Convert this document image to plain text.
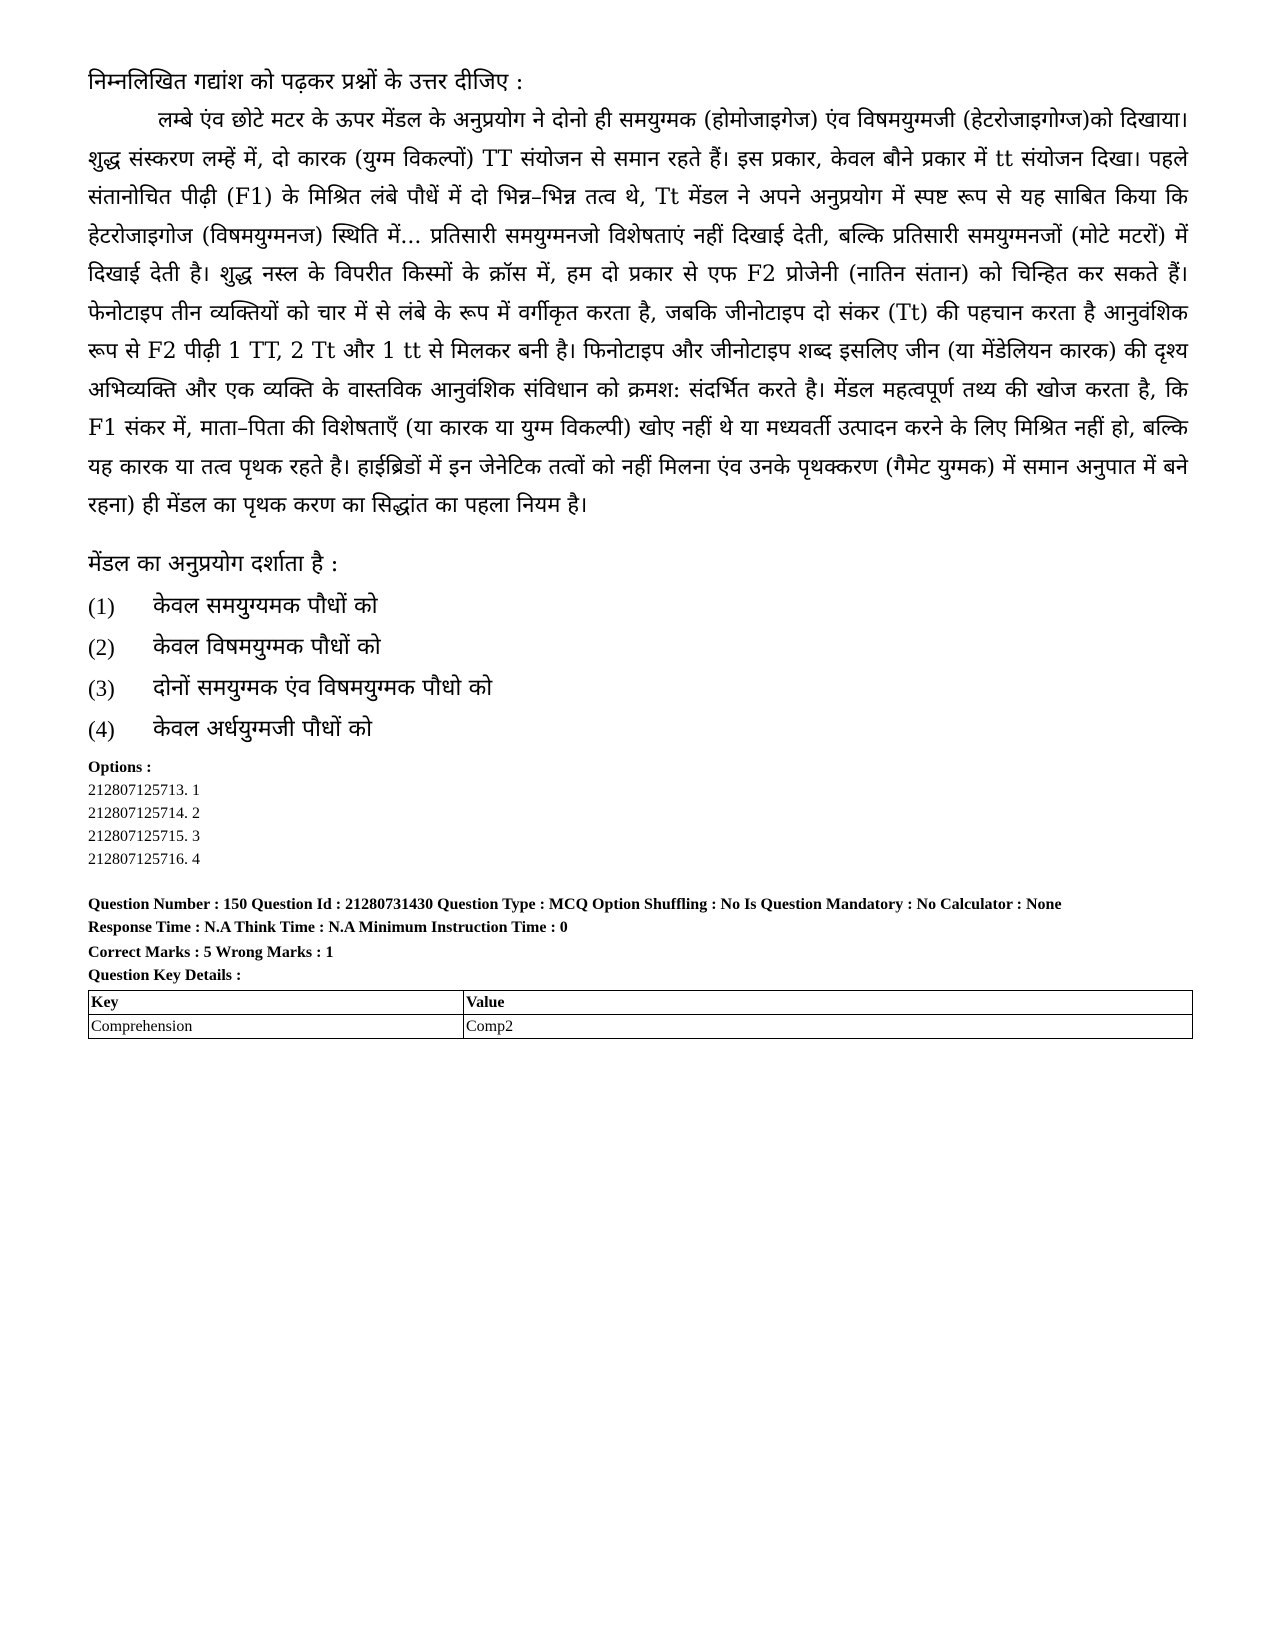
निम्नलिखित गद्यांश को पढ़कर प्रश्नों के उत्तर दीजिए :

लम्बे एंव छोटे मटर के ऊपर मेंडल के अनुप्रयोग ने दोनो ही समयुग्मक (होमोजाइगेज) एंव विषमयुग्मजी (हेटरोजाइगोग्ज)को दिखाया। शुद्ध संस्करण लम्हें में, दो कारक (युग्म विकल्पों) TT संयोजन से समान रहते हैं। इस प्रकार, केवल बौने प्रकार में tt संयोजन दिखा। पहले संतानोचित पीढ़ी (F1) के मिश्रित लंबे पौधें में दो भिन्न–भिन्न तत्व थे, Tt मेंडल ने अपने अनुप्रयोग में स्पष्ट रूप से यह साबित किया कि हेटरोजाइगोज (विषमयुग्मनज) स्थिति में... प्रतिसारी समयुग्मनजो विशेषताएं नहीं दिखाई देती, बल्कि प्रतिसारी समयुग्मनजों (मोटे मटरों) में दिखाई देती है। शुद्ध नस्ल के विपरीत किस्मों के क्रॉस में, हम दो प्रकार से एफ F2 प्रोजेनी (नातिन संतान) को चिन्हित कर सकते हैं। फेनोटाइप तीन व्यक्तियों को चार में से लंबे के रूप में वर्गीकृत करता है, जबकि जीनोटाइप दो संकर (Tt) की पहचान करता है आनुवंशिक रूप से F2 पीढ़ी 1 TT, 2 Tt और 1 tt से मिलकर बनी है। फिनोटाइप और जीनोटाइप शब्द इसलिए जीन (या मेंडेलियन कारक) की दृश्य अभिव्यक्ति और एक व्यक्ति के वास्तविक आनुवंशिक संविधान को क्रमश: संदर्भित करते है। मेंडल महत्वपूर्ण तथ्य की खोज करता है, कि F1 संकर में, माता–पिता की विशेषताएँ (या कारक या युग्म विकल्पी) खोए नहीं थे या मध्यवर्ती उत्पादन करने के लिए मिश्रित नहीं हो, बल्कि यह कारक या तत्व पृथक रहते है। हाईब्रिडों में इन जेनेटिक तत्वों को नहीं मिलना एंव उनके पृथक्करण (गैमेट युग्मक) में समान अनुपात में बने रहना) ही मेंडल का पृथक करण का सिद्धांत का पहला नियम है।

मेंडल का अनुप्रयोग दर्शाता है :

(1)	केवल समयुग्यमक पौधों को
(2)	केवल विषमयुग्मक पौधों को
(3)	दोनों समयुग्मक एंव विषमयुग्मक पौधो को
(4)	केवल अर्धयुग्मजी पौधों को
Options :
212807125713. 1
212807125714. 2
212807125715. 3
212807125716. 4
Question Number : 150 Question Id : 21280731430 Question Type : MCQ Option Shuffling : No Is Question Mandatory : No Calculator : None
Response Time : N.A Think Time : N.A Minimum Instruction Time : 0
Correct Marks : 5 Wrong Marks : 1
Question Key Details :
Key	Value
Comprehension	Comp2
